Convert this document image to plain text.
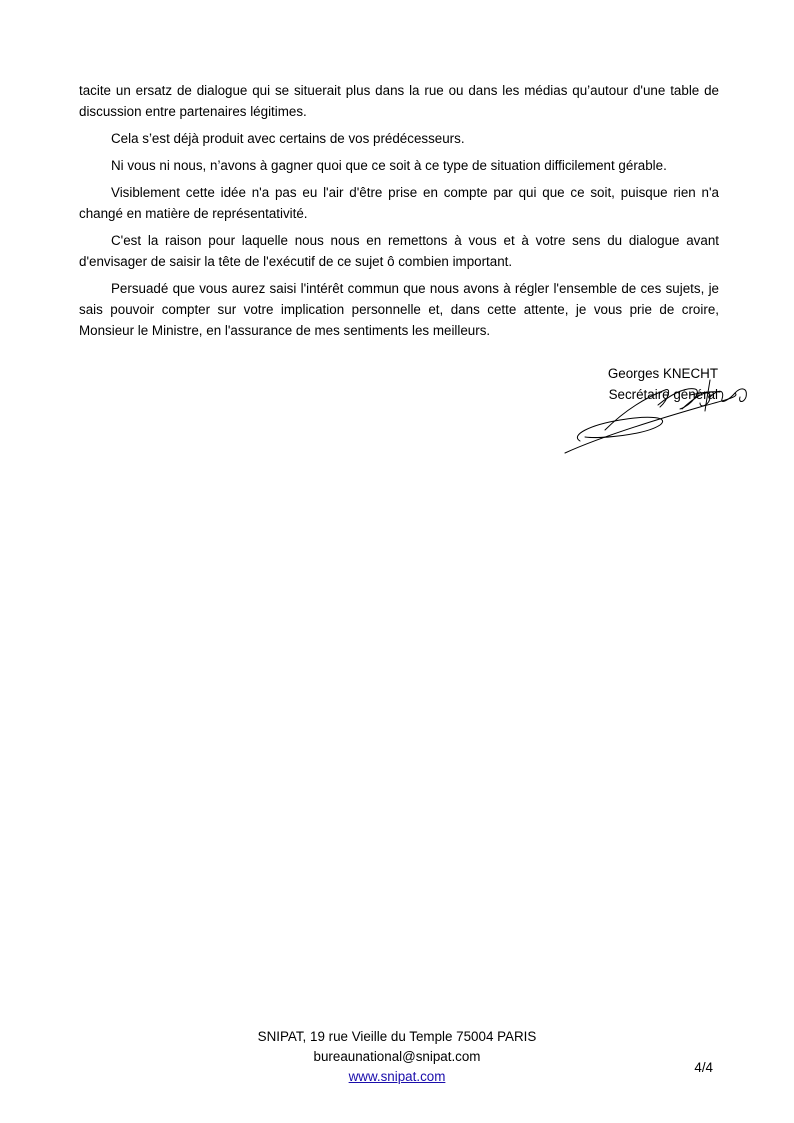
tacite un ersatz de dialogue qui se situerait plus dans la rue ou dans les médias qu’autour d'une table de discussion entre partenaires légitimes.

Cela s’est déjà produit avec certains de vos prédécesseurs.

Ni vous ni nous, n’avons à gagner quoi que ce soit à ce type de situation difficilement gérable.

Visiblement cette idée n'a pas eu l'air d'être prise en compte par qui que ce soit, puisque rien n'a changé en matière de représentativité.

C'est la raison pour laquelle nous nous en remettons à vous et à votre sens du dialogue avant d'envisager de saisir la tête de l'exécutif de ce sujet ô combien important.

Persuadé que vous aurez saisi l'intérêt commun que nous avons à régler l'ensemble de ces sujets, je sais pouvoir compter sur votre implication personnelle et, dans cette attente, je vous prie de croire, Monsieur le Ministre, en l'assurance de mes sentiments les meilleurs.

Georges KNECHT
Secrétaire général
SNIPAT, 19 rue Vieille du Temple 75004 PARIS
bureaunational@snipat.com
www.snipat.com
4/4
